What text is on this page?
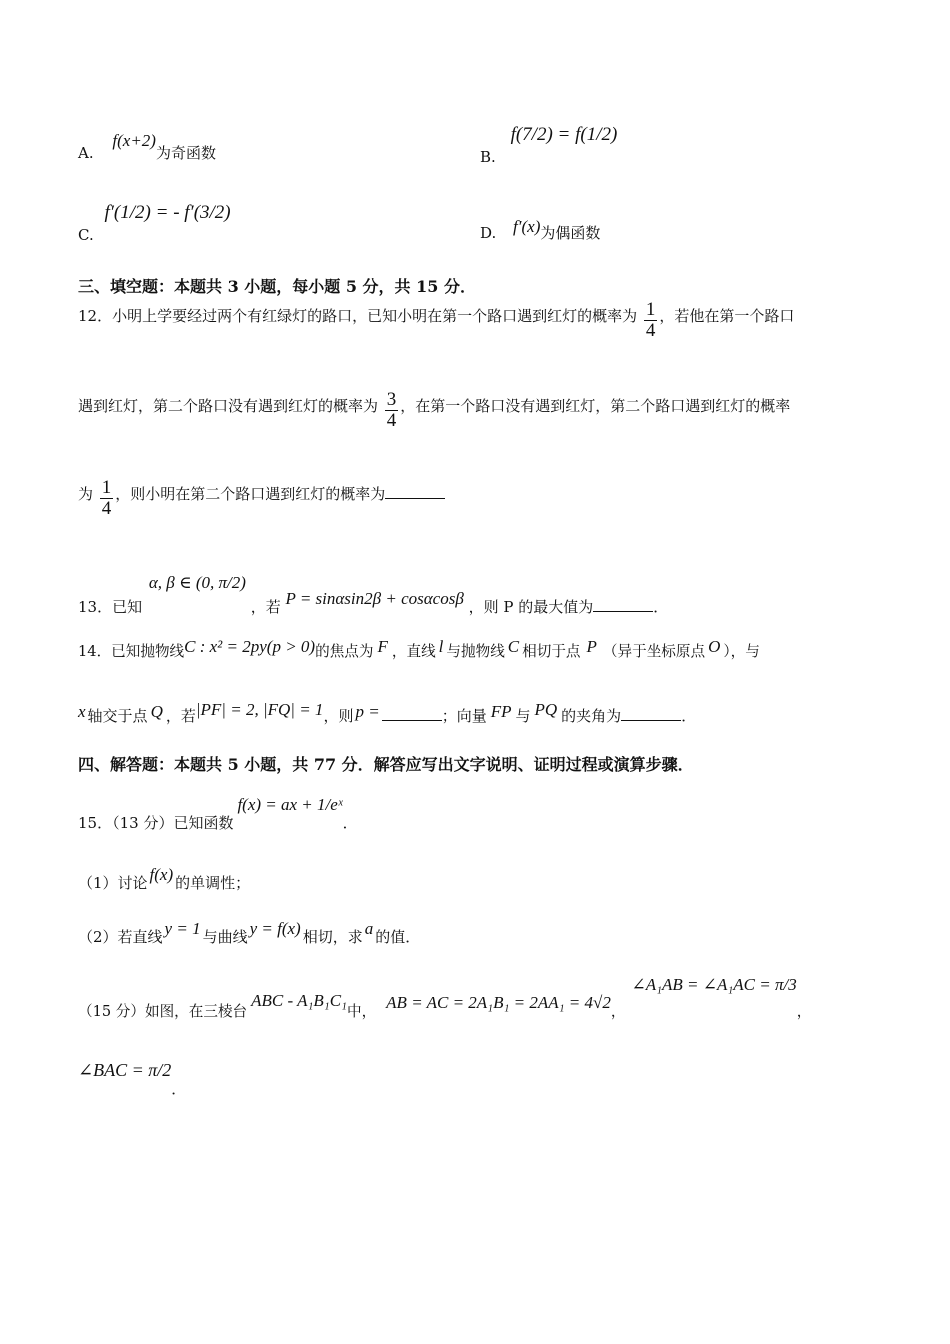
A. f(x+2)为奇函数	B. f(7/2) = f(1/2)
C. f′(1/2) = - f′(3/2)
D. f′(x)为偶函数
三、填空题：本题共 3 小题，每小题 5 分，共 15 分．
12．小明上学要经过两个有红绿灯的路口，已知小明在第一个路口遇到红灯的概率为 $\frac{1}{4}$ ，若他在第一个路口
遇到红灯，第二个路口没有遇到红灯的概率为 $\frac{3}{4}$ ，在第一个路口没有遇到红灯，第二个路口遇到红灯的概率
为 $\frac{1}{4}$ ，则小明在第二个路口遇到红灯的概率为
13．已知 α, β ∈ (0, π/2) ，若 P = sinαsin2β + cosαcosβ ，则 P 的最大值为	．
14．已知抛物线C : x² = 2py(p > 0)的焦点为 F ，直线 l 与抛物线 C 相切于点 P （异于坐标原点 O ），与
x 轴交于点 Q ，若|PF| = 2, |FQ| = 1，则 p =	；向量 FP 与 PQ 的夹角为	．
四、解答题：本题共 5 小题，共 77 分．解答应写出文字说明、证明过程或演算步骤．
15．（13 分）已知函数f(x) = ax + 1/eˣ．
（1）讨论 f(x) 的单调性；
（2）若直线 y = 1 与曲线 y = f(x) 相切，求 a 的值．
（15 分）如图，在三棱台ABC - A₁B₁C₁中， AB = AC = 2A₁B₁ = 2AA₁ = 4√2，∠A₁AB = ∠A₁AC = π/3，
∠BAC = π/2．
